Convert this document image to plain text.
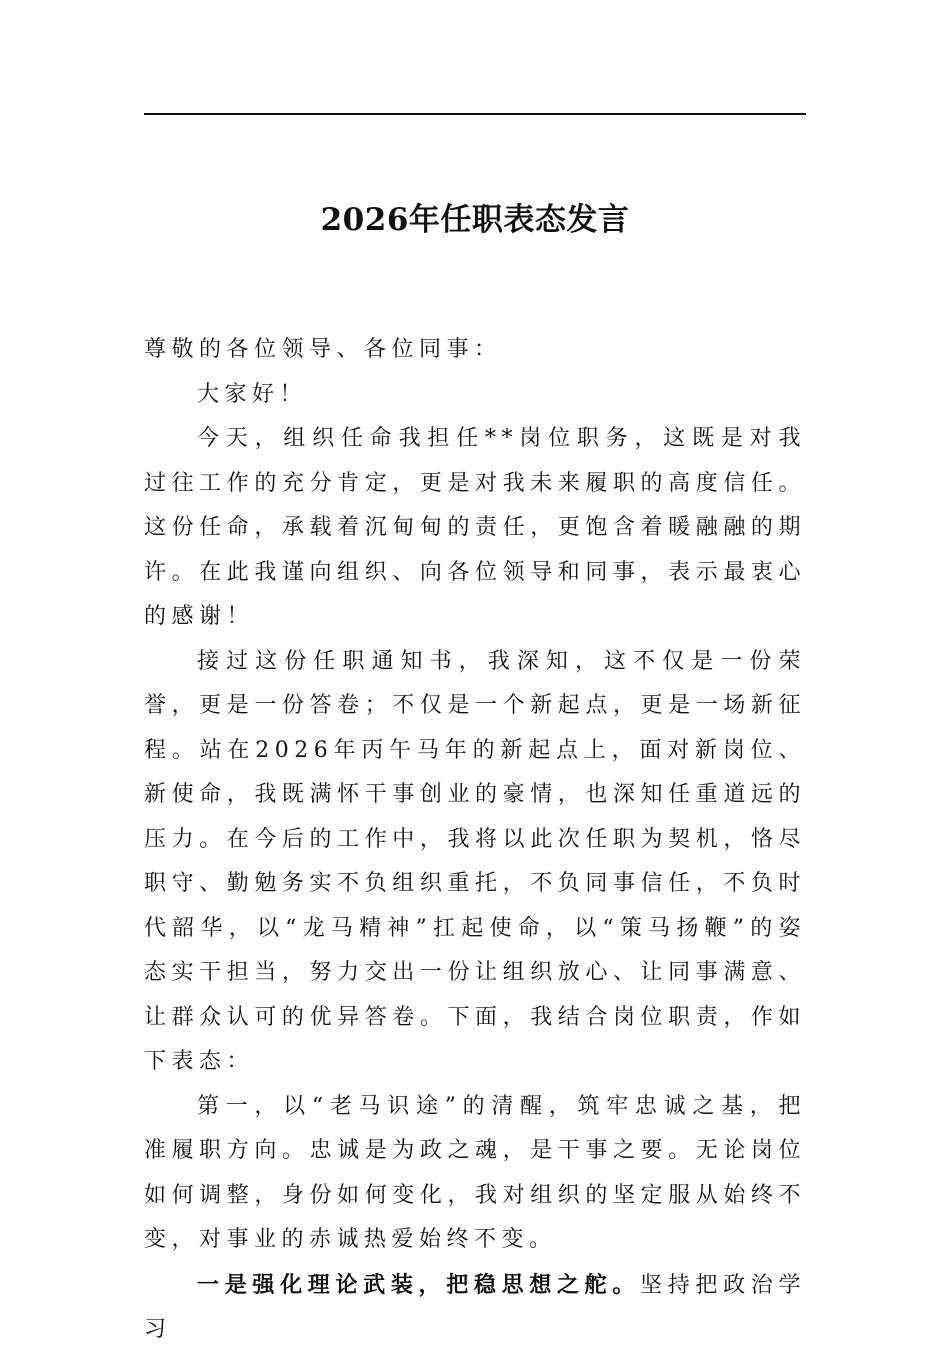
2026年任职表态发言

尊敬的各位领导、各位同事：

大家好！

今天，组织任命我担任**岗位职务，这既是对我过往工作的充分肯定，更是对我未来履职的高度信任。这份任命，承载着沉甸甸的责任，更饱含着暖融融的期许。在此我谨向组织、向各位领导和同事，表示最衷心的感谢！

接过这份任职通知书，我深知，这不仅是一份荣誉，更是一份答卷；不仅是一个新起点，更是一场新征程。站在2026年丙午马年的新起点上，面对新岗位、新使命，我既满怀干事创业的豪情，也深知任重道远的压力。在今后的工作中，我将以此次任职为契机，恪尽职守、勤勉务实不负组织重托，不负同事信任，不负时代韶华，以“龙马精神”扛起使命，以“策马扬鞭”的姿态实干担当，努力交出一份让组织放心、让同事满意、让群众认可的优异答卷。下面，我结合岗位职责，作如下表态：

第一，以“老马识途”的清醒，筑牢忠诚之基，把准履职方向。忠诚是为政之魂，是干事之要。无论岗位如何调整，身份如何变化，我对组织的坚定服从始终不变，对事业的赤诚热爱始终不变。

一是强化理论武装，把稳思想之舵。坚持把政治学习
